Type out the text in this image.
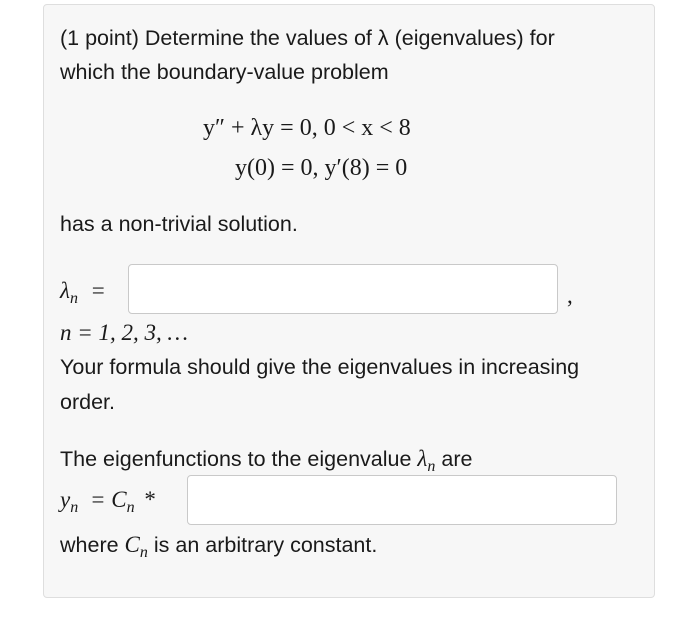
(1 point) Determine the values of λ (eigenvalues) for
which the boundary-value problem
y″ + λy = 0, 0 < x < 8
y(0) = 0, y′(8) = 0
has a non-trivial solution.
$\lambda_n$ =	,
n = 1, 2, 3, …
Your formula should give the eigenvalues in increasing
order.
The eigenfunctions to the eigenvalue $\lambda_n$ are
$y_n = C_n$ *
where $C_n$ is an arbitrary constant.
